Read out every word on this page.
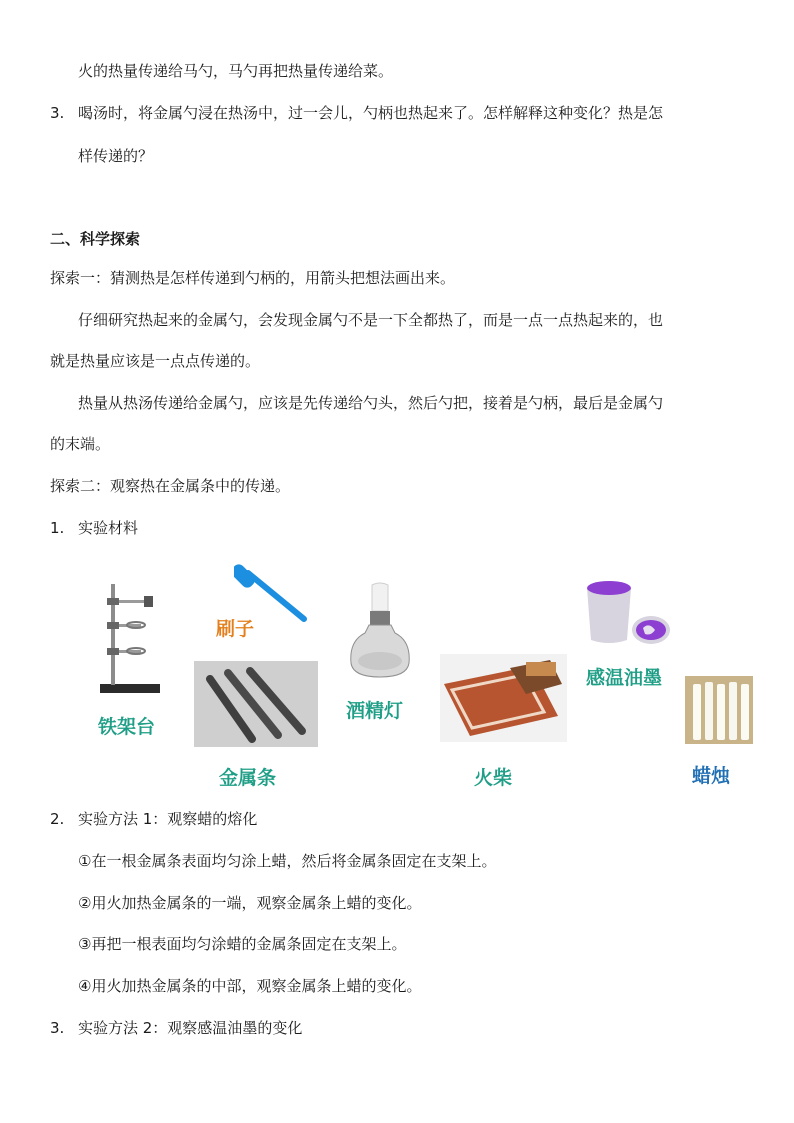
火的热量传递给马勺，马勺再把热量传递给菜。
3. 喝汤时，将金属勺浸在热汤中，过一会儿，勺柄也热起来了。怎样解释这种变化？热是怎
样传递的？
二、科学探索
探索一：猜测热是怎样传递到勺柄的，用箭头把想法画出来。
仔细研究热起来的金属勺，会发现金属勺不是一下全都热了，而是一点一点热起来的，也
就是热量应该是一点点传递的。
热量从热汤传递给金属勺，应该是先传递给勺头，然后勺把，接着是勺柄，最后是金属勺
的末端。
探索二：观察热在金属条中的传递。
1. 实验材料
铁架台
刷子
金属条
酒精灯
火柴
感温油墨
蜡烛
2. 实验方法 1：观察蜡的熔化
①在一根金属条表面均匀涂上蜡，然后将金属条固定在支架上。
②用火加热金属条的一端，观察金属条上蜡的变化。
③再把一根表面均匀涂蜡的金属条固定在支架上。
④用火加热金属条的中部，观察金属条上蜡的变化。
3. 实验方法 2：观察感温油墨的变化
